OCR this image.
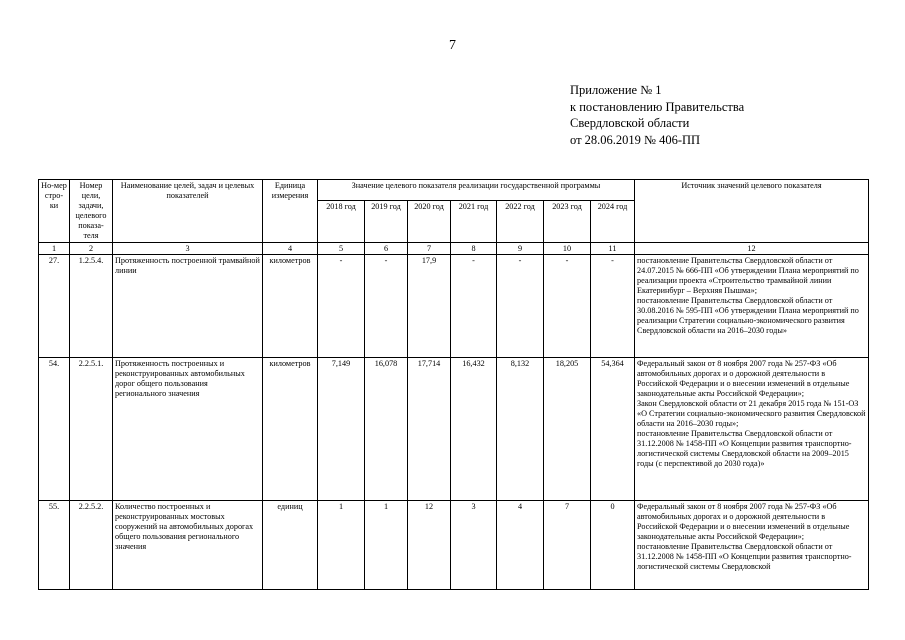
7
Приложение № 1
к постановлению Правительства
Свердловской области
от 28.06.2019 № 406-ПП
Но-мер стро-ки	Номер цели, задачи, целевого показа-теля	Наименование целей, задач и целевых показателей	Единица измерения	Значение целевого показателя реализации государственной программы							Источник значений целевого показателя
				2018 год	2019 год	2020 год	2021 год	2022 год	2023 год	2024 год	
1	2	3	4	5	6	7	8	9	10	11	12
27.	1.2.5.4.	Протяженность построенной трамвайной линии	километров	-	-	17,9	-	-	-	-	постановление Правительства Свердловской области от 24.07.2015 № 666-ПП «Об утверждении Плана мероприятий по реализации проекта «Строительство трамвайной линии Екатеринбург – Верхняя Пышма»;
постановление Правительства Свердловской области от 30.08.2016 № 595-ПП «Об утверждении Плана мероприятий по реализации Стратегии социально-экономического развития Свердловской области на 2016–2030 годы»

54.	2.2.5.1.	Протяженность построенных и реконструированных автомобильных дорог общего пользования регионального значения	километров	7,149	16,078	17,714	16,432	8,132	18,205	54,364	Федеральный закон от 8 ноября 2007 года № 257-ФЗ «Об автомобильных дорогах и о дорожной деятельности в Российской Федерации и о внесении изменений в отдельные законодательные акты Российской Федерации»;
Закон Свердловской области от 21 декабря 2015 года № 151-ОЗ «О Стратегии социально-экономического развития Свердловской области на 2016–2030 годы»;
постановление Правительства Свердловской области от 31.12.2008 № 1458-ПП «О Концепции развития транспортно-логистической системы Свердловской области на 2009–2015 годы (с перспективой до 2030 года)»

55.	2.2.5.2.	Количество построенных и реконструированных мостовых сооружений на автомобильных дорогах общего пользования регионального значения	единиц	1	1	12	3	4	7	0	Федеральный закон от 8 ноября 2007 года № 257-ФЗ «Об автомобильных дорогах и о дорожной деятельности в Российской Федерации и о внесении изменений в отдельные законодательные акты Российской Федерации»;
постановление Правительства Свердловской области от 31.12.2008 № 1458-ПП «О Концепции развития транспортно-логистической системы Свердловской
